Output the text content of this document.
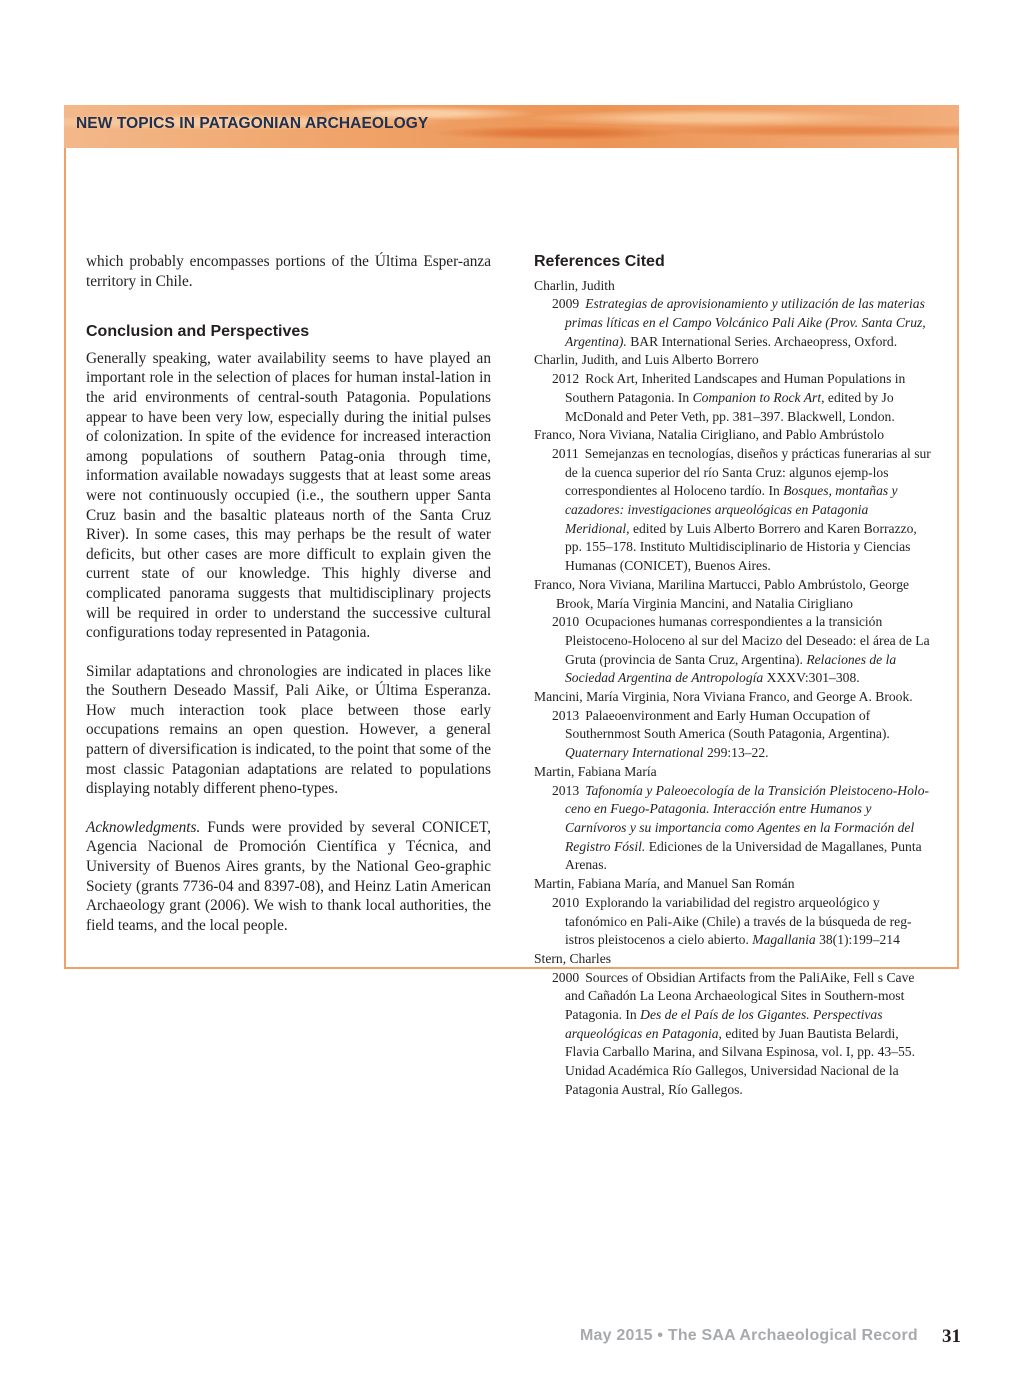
NEW TOPICS IN PATAGONIAN ARCHAEOLOGY

which probably encompasses portions of the Última Esper-anza territory in Chile.

Conclusion and Perspectives

Generally speaking, water availability seems to have played an important role in the selection of places for human instal-lation in the arid environments of central-south Patagonia. Populations appear to have been very low, especially during the initial pulses of colonization. In spite of the evidence for increased interaction among populations of southern Patag-onia through time, information available nowadays suggests that at least some areas were not continuously occupied (i.e., the southern upper Santa Cruz basin and the basaltic plateaus north of the Santa Cruz River). In some cases, this may perhaps be the result of water deficits, but other cases are more difficult to explain given the current state of our knowledge. This highly diverse and complicated panorama suggests that multidisciplinary projects will be required in order to understand the successive cultural configurations today represented in Patagonia.

Similar adaptations and chronologies are indicated in places like the Southern Deseado Massif, Pali Aike, or Última Esperanza. How much interaction took place between those early occupations remains an open question. However, a general pattern of diversification is indicated, to the point that some of the most classic Patagonian adaptations are related to populations displaying notably different pheno-types.

Acknowledgments. Funds were provided by several CONICET, Agencia Nacional de Promoción Científica y Técnica, and University of Buenos Aires grants, by the National Geo-graphic Society (grants 7736-04 and 8397-08), and Heinz Latin American Archaeology grant (2006). We wish to thank local authorities, the field teams, and the local people.

References Cited

Charlin, Judith

2009 Estrategias de aprovisionamiento y utilización de las materias primas líticas en el Campo Volcánico Pali Aike (Prov. Santa Cruz, Argentina). BAR International Series. Archaeopress, Oxford.

Charlin, Judith, and Luis Alberto Borrero

2012 Rock Art, Inherited Landscapes and Human Populations in Southern Patagonia. In Companion to Rock Art, edited by Jo McDonald and Peter Veth, pp. 381–397. Blackwell, London.

Franco, Nora Viviana, Natalia Cirigliano, and Pablo Ambrústolo

2011 Semejanzas en tecnologías, diseños y prácticas funerarias al sur de la cuenca superior del río Santa Cruz: algunos ejemp-los correspondientes al Holoceno tardío. In Bosques, montañas y cazadores: investigaciones arqueológicas en Patagonia Meridional, edited by Luis Alberto Borrero and Karen Borrazzo, pp. 155–178. Instituto Multidisciplinario de Historia y Ciencias Humanas (CONICET), Buenos Aires.

Franco, Nora Viviana, Marilina Martucci, Pablo Ambrústolo, George Brook, María Virginia Mancini, and Natalia Cirigliano

2010 Ocupaciones humanas correspondientes a la transición Pleistoceno-Holoceno al sur del Macizo del Deseado: el área de La Gruta (provincia de Santa Cruz, Argentina). Relaciones de la Sociedad Argentina de Antropología XXXV:301–308.

Mancini, María Virginia, Nora Viviana Franco, and George A. Brook.

2013 Palaeoenvironment and Early Human Occupation of Southernmost South America (South Patagonia, Argentina). Quaternary International 299:13–22.

Martin, Fabiana María

2013 Tafonomía y Paleoecología de la Transición Pleistoceno-Holo-ceno en Fuego-Patagonia. Interacción entre Humanos y Carnívoros y su importancia como Agentes en la Formación del Registro Fósil. Ediciones de la Universidad de Magallanes, Punta Arenas.

Martin, Fabiana María, and Manuel San Román

2010 Explorando la variabilidad del registro arqueológico y tafonómico en Pali-Aike (Chile) a través de la búsqueda de reg-istros pleistocenos a cielo abierto. Magallania 38(1):199–214

Stern, Charles

2000 Sources of Obsidian Artifacts from the PaliAike, Fell s Cave and Cañadón La Leona Archaeological Sites in Southern-most Patagonia. In Des de el País de los Gigantes. Perspectivas arqueológicas en Patagonia, edited by Juan Bautista Belardi, Flavia Carballo Marina, and Silvana Espinosa, vol. I, pp. 43–55. Unidad Académica Río Gallegos, Universidad Nacional de la Patagonia Austral, Río Gallegos.

May 2015 • The SAA Archaeological Record 31
